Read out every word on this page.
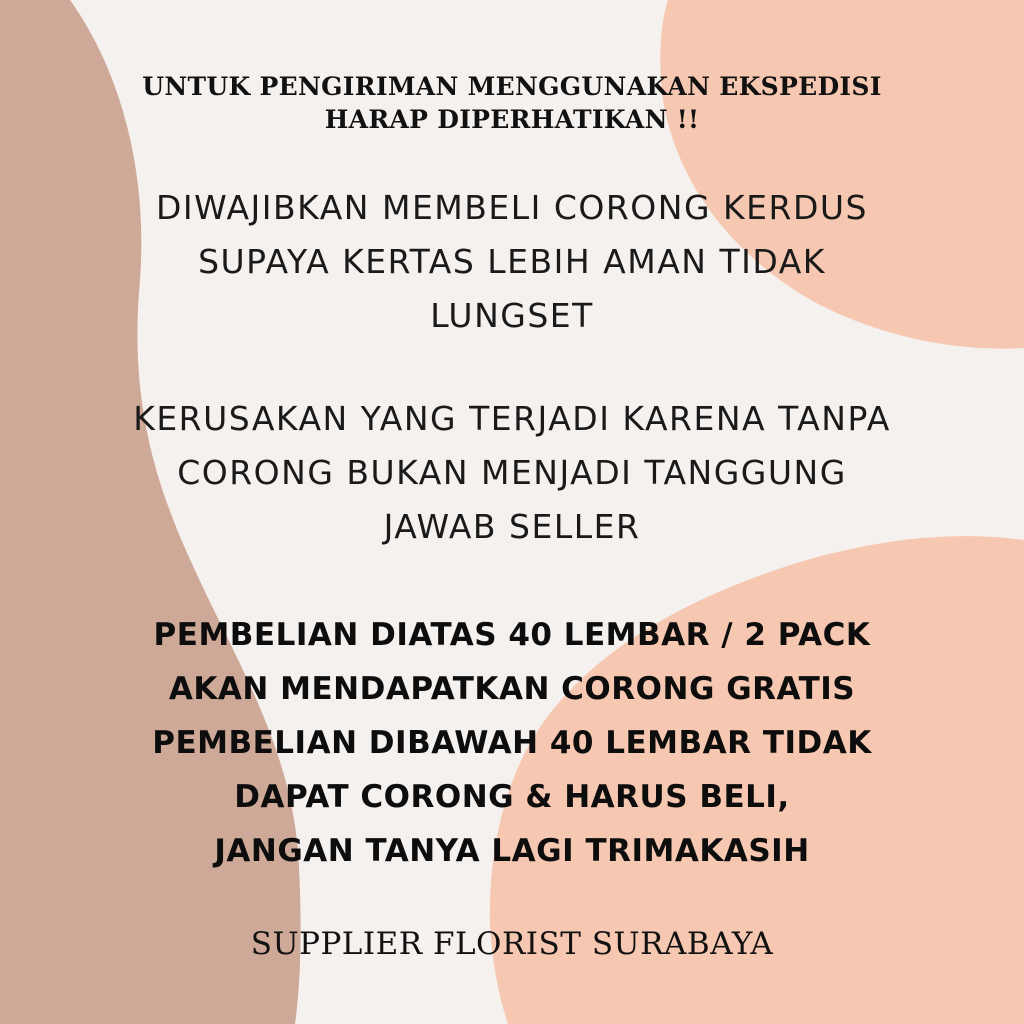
UNTUK PENGIRIMAN MENGGUNAKAN EKSPEDISI
HARAP DIPERHATIKAN !!
DIWAJIBKAN MEMBELI CORONG KERDUS
SUPAYA KERTAS LEBIH AMAN TIDAK
LUNGSET
KERUSAKAN YANG TERJADI KARENA TANPA
CORONG BUKAN MENJADI TANGGUNG
JAWAB SELLER
PEMBELIAN DIATAS 40 LEMBAR / 2 PACK
AKAN MENDAPATKAN CORONG GRATIS
PEMBELIAN DIBAWAH 40 LEMBAR TIDAK
DAPAT CORONG & HARUS BELI,
JANGAN TANYA LAGI TRIMAKASIH
SUPPLIER FLORIST SURABAYA
